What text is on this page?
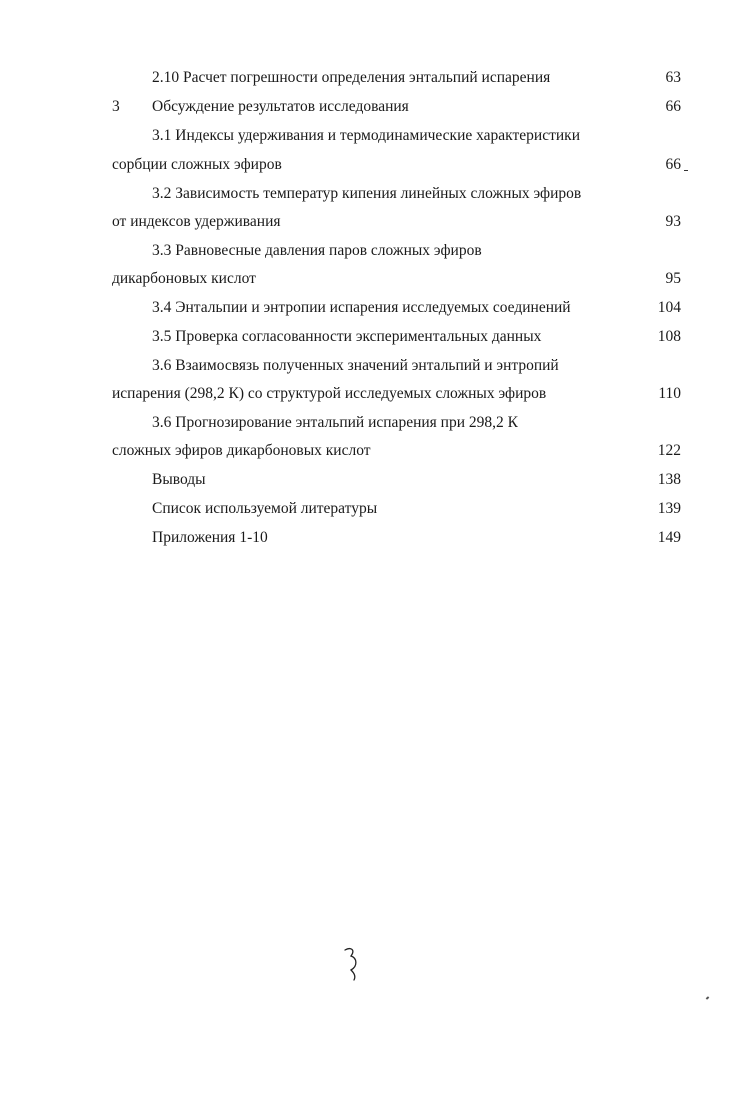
2.10 Расчет погрешности определения энтальпий испарения	63
3 Обсуждение результатов исследования	66
3.1 Индексы удерживания и термодинамические характеристики
сорбции сложных эфиров	66
3.2 Зависимость температур кипения линейных сложных эфиров
от индексов удерживания	93
3.3 Равновесные давления паров сложных эфиров
дикарбоновых кислот	95
3.4 Энтальпии и энтропии испарения исследуемых соединений	104
3.5 Проверка согласованности экспериментальных данных	108
3.6 Взаимосвязь полученных значений энтальпий и энтропий
испарения (298,2 К) со структурой исследуемых сложных эфиров	110
3.6 Прогнозирование энтальпий испарения при 298,2 К
сложных эфиров дикарбоновых кислот	122
Выводы	138
Список используемой литературы	139
Приложения 1-10	149
